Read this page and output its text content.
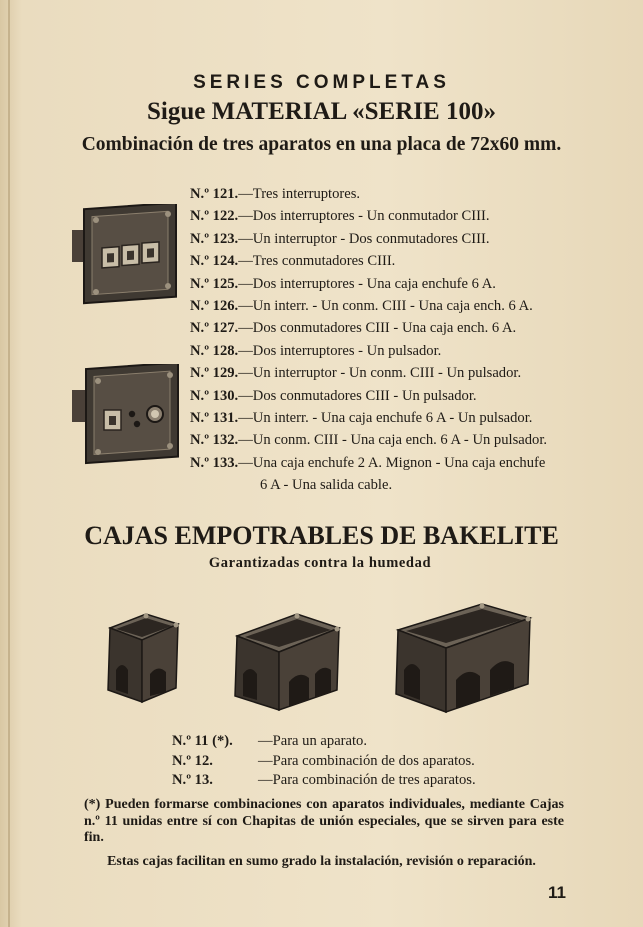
SERIES COMPLETAS
Sigue MATERIAL «SERIE 100»
Combinación de tres aparatos en una placa de 72x60 mm.
N.º 121.—Tres interruptores.
N.º 122.—Dos interruptores - Un conmutador CIII.
N.º 123.—Un interruptor - Dos conmutadores CIII.
N.º 124.—Tres conmutadores CIII.
N.º 125.—Dos interruptores - Una caja enchufe 6 A.
N.º 126.—Un interr. - Un conm. CIII - Una caja ench. 6 A.
N.º 127.—Dos conmutadores CIII - Una caja ench. 6 A.
N.º 128.—Dos interruptores - Un pulsador.
N.º 129.—Un interruptor - Un conm. CIII - Un pulsador.
N.º 130.—Dos conmutadores CIII - Un pulsador.
N.º 131.—Un interr. - Una caja enchufe 6 A - Un pulsador.
N.º 132.—Un conm. CIII - Una caja ench. 6 A - Un pulsador.
N.º 133.—Una caja enchufe 2 A. Mignon - Una caja enchufe
6 A - Una salida cable.
CAJAS EMPOTRABLES DE BAKELITE
Garantizadas contra la humedad
N.º 11 (*). —Para un aparato.
N.º 12.	—Para combinación de dos aparatos.
N.º 13.	—Para combinación de tres aparatos.
(*) Pueden formarse combinaciones con aparatos individuales, mediante Cajas n.º 11 unidas entre sí con Chapitas de unión especiales, que se sirven para este fin.
Estas cajas facilitan en sumo grado la instalación, revisión o reparación.
11
